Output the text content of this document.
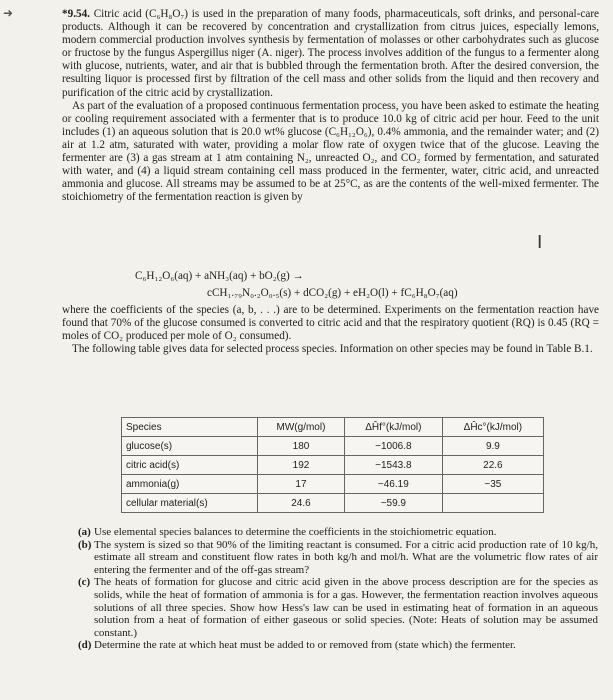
➜	*9.54. Citric acid (C₆H₈O₇) is used in the preparation of many foods, pharmaceuticals, soft drinks, and personal-care products. Although it can be recovered by concentration and crystallization from citrus juices, especially lemons, modern commercial production involves synthesis by fermentation of molasses or other carbohydrates such as glucose or fructose by the fungus Aspergillus niger (A. niger). The process involves addition of the fungus to a fermenter along with glucose, nutrients, water, and air that is bubbled through the fermentation broth. After the desired conversion, the resulting liquor is processed first by filtration of the cell mass and other solids from the liquid and then recovery and purification of the citric acid by crystallization.

As part of the evaluation of a proposed continuous fermentation process, you have been asked to estimate the heating or cooling requirement associated with a fermenter that is to produce 10.0 kg of citric acid per hour. Feed to the unit includes (1) an aqueous solution that is 20.0 wt% glucose (C₆H₁₂O₆), 0.4% ammonia, and the remainder water; and (2) air at 1.2 atm, saturated with water, providing a molar flow rate of oxygen twice that of the glucose. Leaving the fermenter are (3) a gas stream at 1 atm containing N₂, unreacted O₂, and CO₂ formed by fermentation, and saturated with water, and (4) a liquid stream containing cell mass produced in the fermenter, water, citric acid, and unreacted ammonia and glucose. All streams may be assumed to be at 25°C, as are the contents of the well-mixed fermenter. The stoichiometry of the fermentation reaction is given by

I
C₆H₁₂O₆(aq) + aNH₃(aq) + bO₂(g) →
cCH₁.₇₉N₀.₂O₀.₅(s) + dCO₂(g) + eH₂O(l) + fC₆H₈O₇(aq)

where the coefficients of the species (a, b, . . .) are to be determined. Experiments on the fermentation reaction have found that 70% of the glucose consumed is converted to citric acid and that the respiratory quotient (RQ) is 0.45 (RQ = moles of CO₂ produced per mole of O₂ consumed).

The following table gives data for selected process species. Information on other species may be found in Table B.1.

Species	MW(g/mol)	ΔĤf°(kJ/mol)	ΔĤc°(kJ/mol)
glucose(s)	180	−1006.8	9.9
citric acid(s)	192	−1543.8	22.6
ammonia(g)	17	−46.19	−35
cellular material(s)	24.6	−59.9	
(a) Use elemental species balances to determine the coefficients in the stoichiometric equation.
(b) The system is sized so that 90% of the limiting reactant is consumed. For a citric acid production rate of 10 kg/h, estimate all stream and constituent flow rates in both kg/h and mol/h. What are the volumetric flow rates of air entering the fermenter and of the off-gas stream?
(c) The heats of formation for glucose and citric acid given in the above process description are for the species as solids, while the heat of formation of ammonia is for a gas. However, the fermentation reaction involves aqueous solutions of all three species. Show how Hess's law can be used in estimating heat of formation in an aqueous solution from a heat of formation of either gaseous or solid species. (Note: Heats of solution may be assumed constant.)
(d) Determine the rate at which heat must be added to or removed from (state which) the fermenter.
